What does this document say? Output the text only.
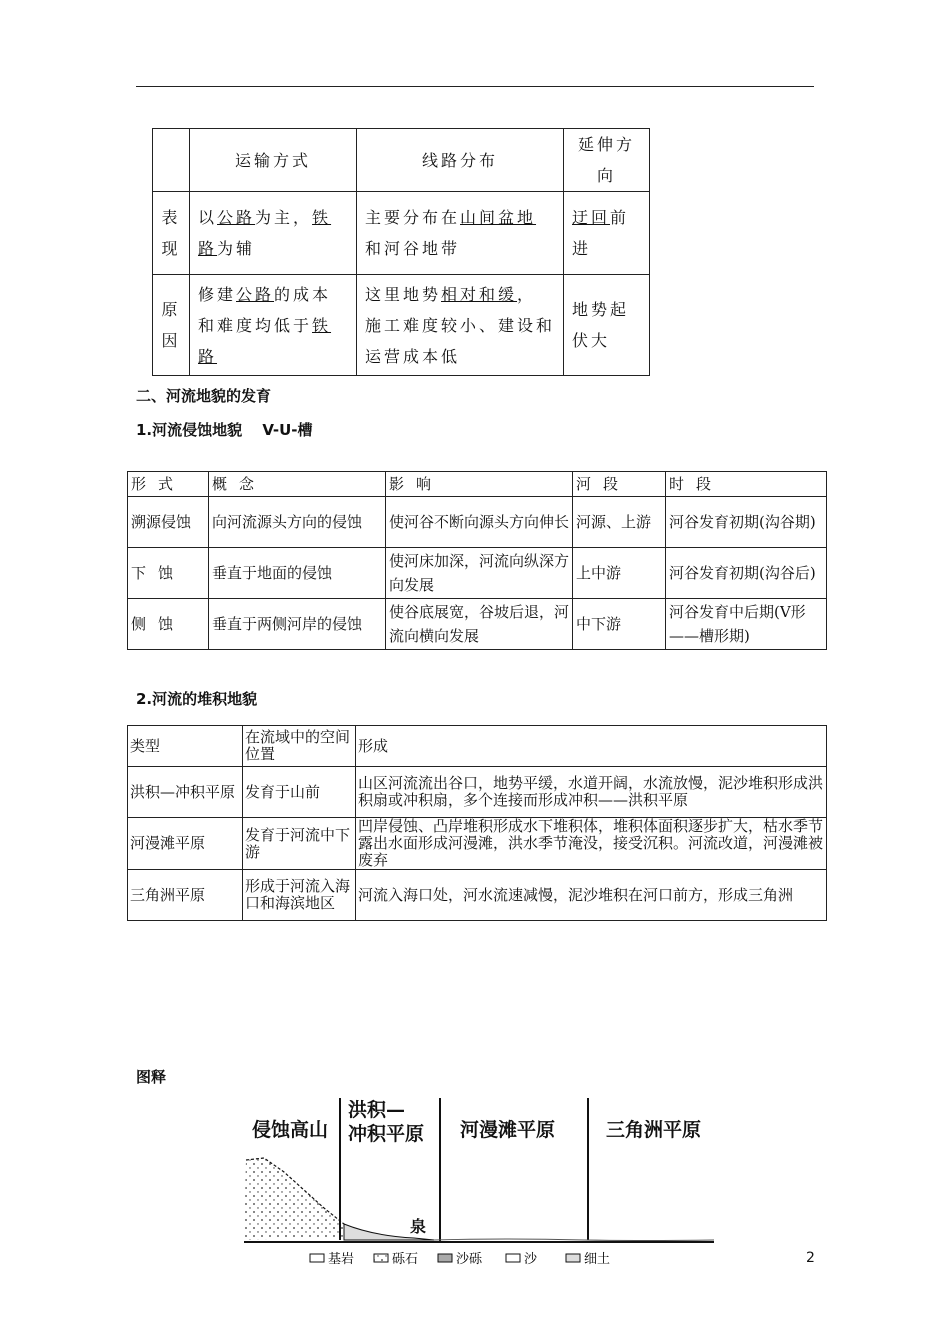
	运输方式	线路分布	延伸方向
表现	以公路为主，铁路为辅	主要分布在山间盆地和河谷地带	迂回前进
原因	修建公路的成本和难度均低于铁路	这里地势相对和缓，施工难度较小、建设和运营成本低	地势起伏大
二、河流地貌的发育
1.河流侵蚀地貌　 V-U-槽
形式	概念	影响	河段	时段
溯源侵蚀	向河流源头方向的侵蚀	使河谷不断向源头方向伸长	河源、上游	河谷发育初期(沟谷期)
下蚀	垂直于地面的侵蚀	使河床加深，河流向纵深方向发展	上中游	河谷发育初期(沟谷后)
侧蚀	垂直于两侧河岸的侵蚀	使谷底展宽，谷坡后退，河流向横向发展	中下游	河谷发育中后期(V形——槽形期)
2.河流的堆积地貌
类型	在流域中的空间位置	形成
洪积—冲积平原	发育于山前	山区河流流出谷口，地势平缓，水道开阔，水流放慢，泥沙堆积形成洪积扇或冲积扇，多个连接而形成冲积——洪积平原
河漫滩平原	发育于河流中下游	凹岸侵蚀、凸岸堆积形成水下堆积体，堆积体面积逐步扩大，枯水季节露出水面形成河漫滩，洪水季节淹没，接受沉积。河流改道，河漫滩被废弃
三角洲平原	形成于河流入海口和海滨地区	河流入海口处，河水流速减慢，泥沙堆积在河口前方，形成三角洲
图释
侵蚀高山
洪积—
冲积平原 河漫滩平原	三角洲平原
泉
基岩	砾石	沙砾	沙	细土	2
